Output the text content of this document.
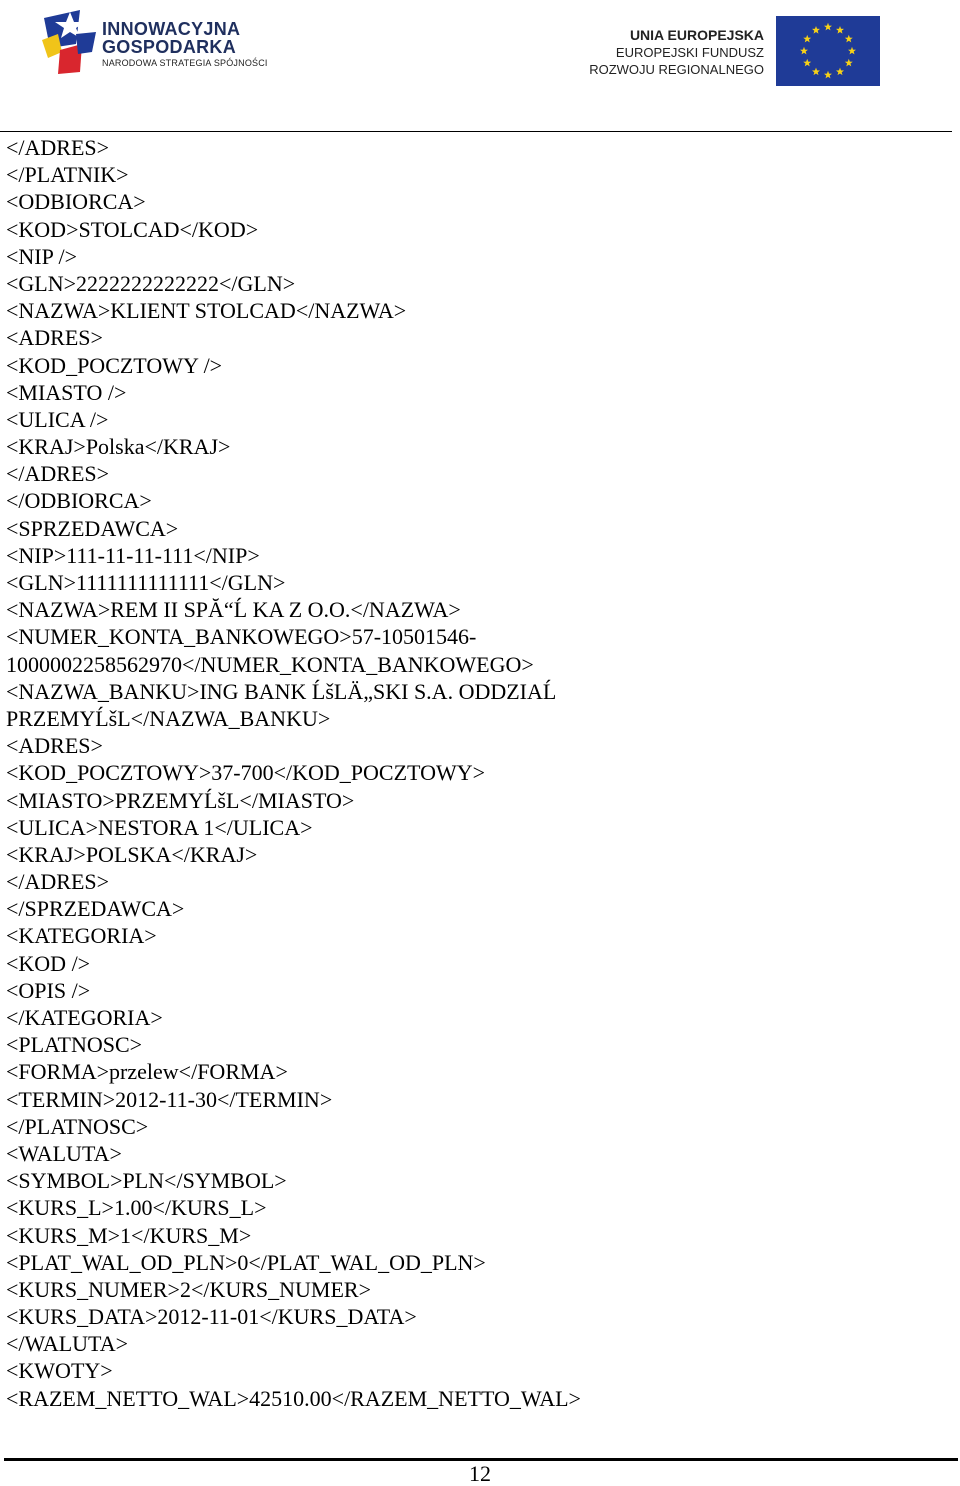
INNOWACYJNA
GOSPODARKA
NARODOWA STRATEGIA SPÓJNOŚCI
UNIA EUROPEJSKA
EUROPEJSKI FUNDUSZ
ROZWOJU REGIONALNEGO
</ADRES>
</PLATNIK>
<ODBIORCA>
<KOD>STOLCAD</KOD>
<NIP />
<GLN>2222222222222</GLN>
<NAZWA>KLIENT STOLCAD</NAZWA>
<ADRES>
<KOD_POCZTOWY />
<MIASTO />
<ULICA />
<KRAJ>Polska</KRAJ>
</ADRES>
</ODBIORCA>
<SPRZEDAWCA>
<NIP>111-11-11-111</NIP>
<GLN>1111111111111</GLN>
<NAZWA>REM II SPĂ“Ĺ KA Z O.O.</NAZWA>
<NUMER_KONTA_BANKOWEGO>57-10501546-
1000002258562970</NUMER_KONTA_BANKOWEGO>
<NAZWA_BANKU>ING BANK ĹšLÄ„SKI S.A. ODDZIAĹ
PRZEMYĹšL</NAZWA_BANKU>
<ADRES>
<KOD_POCZTOWY>37-700</KOD_POCZTOWY>
<MIASTO>PRZEMYĹšL</MIASTO>
<ULICA>NESTORA 1</ULICA>
<KRAJ>POLSKA</KRAJ>
</ADRES>
</SPRZEDAWCA>
<KATEGORIA>
<KOD />
<OPIS />
</KATEGORIA>
<PLATNOSC>
<FORMA>przelew</FORMA>
<TERMIN>2012-11-30</TERMIN>
</PLATNOSC>
<WALUTA>
<SYMBOL>PLN</SYMBOL>
<KURS_L>1.00</KURS_L>
<KURS_M>1</KURS_M>
<PLAT_WAL_OD_PLN>0</PLAT_WAL_OD_PLN>
<KURS_NUMER>2</KURS_NUMER>
<KURS_DATA>2012-11-01</KURS_DATA>
</WALUTA>
<KWOTY>
<RAZEM_NETTO_WAL>42510.00</RAZEM_NETTO_WAL>
12
